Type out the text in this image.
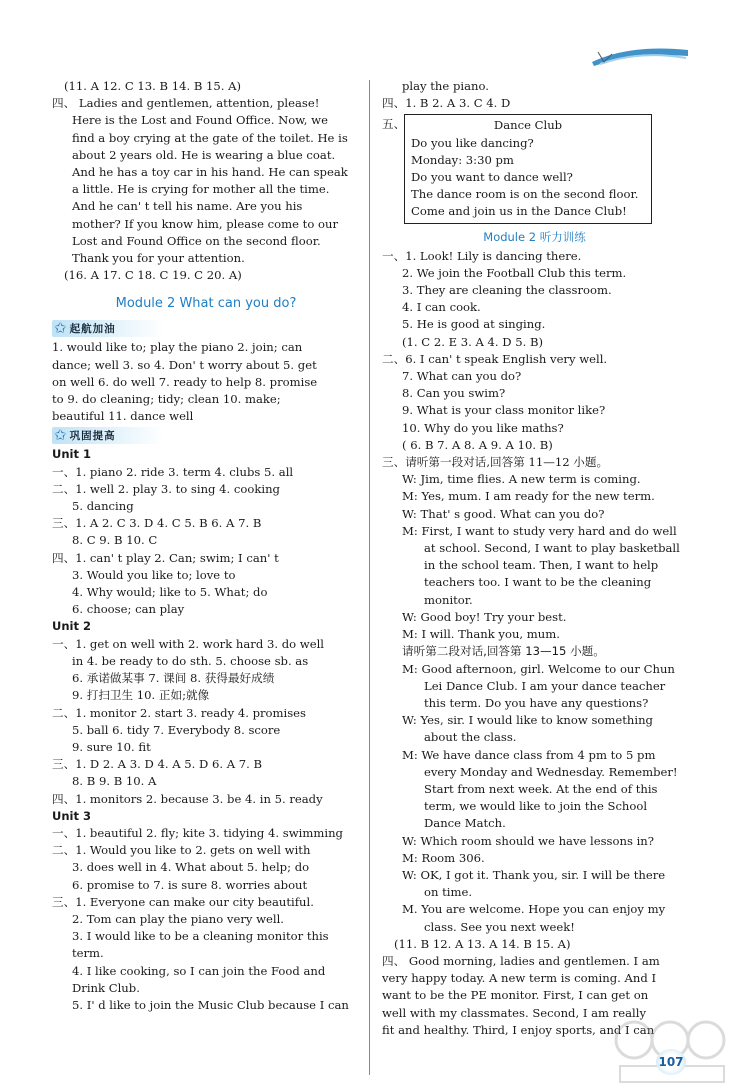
(11. A 12. C 13. B 14. B 15. A)
四、 Ladies and gentlemen, attention, please!
Here is the Lost and Found Office. Now, we
find a boy crying at the gate of the toilet. He is
about 2 years old. He is wearing a blue coat.
And he has a toy car in his hand. He can speak
a little. He is crying for mother all the time.
And he can' t tell his name. Are you his
mother? If you know him, please come to our
Lost and Found Office on the second floor.
Thank you for your attention.
(16. A 17. C 18. C 19. C 20. A)
Module 2 What can you do?
✩ 起航加油
1. would like to; play the piano 2. join; can
dance; well 3. so 4. Don' t worry about 5. get
on well 6. do well 7. ready to help 8. promise
to 9. do cleaning; tidy; clean 10. make;
beautiful 11. dance well
✩ 巩固提高
Unit 1
一、1. piano 2. ride 3. term 4. clubs 5. all
二、1. well 2. play 3. to sing 4. cooking
5. dancing
三、1. A 2. C 3. D 4. C 5. B 6. A 7. B
8. C 9. B 10. C
四、1. can' t play 2. Can; swim; I can' t
3. Would you like to; love to
4. Why would; like to 5. What; do
6. choose; can play
Unit 2
一、1. get on well with 2. work hard 3. do well
in 4. be ready to do sth. 5. choose sb. as
6. 承诺做某事 7. 课间 8. 获得最好成绩
9. 打扫卫生 10. 正如;就像
二、1. monitor 2. start 3. ready 4. promises
5. ball 6. tidy 7. Everybody 8. score
9. sure 10. fit
三、1. D 2. A 3. D 4. A 5. D 6. A 7. B
8. B 9. B 10. A
四、1. monitors 2. because 3. be 4. in 5. ready
Unit 3
一、1. beautiful 2. fly; kite 3. tidying 4. swimming
二、1. Would you like to 2. gets on well with
3. does well in 4. What about 5. help; do
6. promise to 7. is sure 8. worries about
三、1. Everyone can make our city beautiful.
2. Tom can play the piano very well.
3. I would like to be a cleaning monitor this
term.
4. I like cooking, so I can join the Food and
Drink Club.
5. I' d like to join the Music Club because I can
play the piano.
四、1. B 2. A 3. C 4. D
五、	Dance Club
Do you like dancing?
Monday: 3:30 pm
Do you want to dance well?
The dance room is on the second floor.
Come and join us in the Dance Club!
Module 2 听力训练
一、1. Look! Lily is dancing there.
2. We join the Football Club this term.
3. They are cleaning the classroom.
4. I can cook.
5. He is good at singing.
(1. C 2. E 3. A 4. D 5. B)
二、6. I can' t speak English very well.
7. What can you do?
8. Can you swim?
9. What is your class monitor like?
10. Why do you like maths?
( 6. B 7. A 8. A 9. A 10. B)
三、请听第一段对话,回答第 11—12 小题。
W: Jim, time flies. A new term is coming.
M: Yes, mum. I am ready for the new term.
W: That' s good. What can you do?
M: First, I want to study very hard and do well
at school. Second, I want to play basketball
in the school team. Then, I want to help
teachers too. I want to be the cleaning
monitor.
W: Good boy! Try your best.
M: I will. Thank you, mum.
请听第二段对话,回答第 13—15 小题。
M: Good afternoon, girl. Welcome to our Chun
Lei Dance Club. I am your dance teacher
this term. Do you have any questions?
W: Yes, sir. I would like to know something
about the class.
M: We have dance class from 4 pm to 5 pm
every Monday and Wednesday. Remember!
Start from next week. At the end of this
term, we would like to join the School
Dance Match.
W: Which room should we have lessons in?
M: Room 306.
W: OK, I got it. Thank you, sir. I will be there
on time.
M. You are welcome. Hope you can enjoy my
class. See you next week!
(11. B 12. A 13. A 14. B 15. A)
四、 Good morning, ladies and gentlemen. I am
very happy today. A new term is coming. And I
want to be the PE monitor. First, I can get on
well with my classmates. Second, I am really
fit and healthy. Third, I enjoy sports, and I can
107
